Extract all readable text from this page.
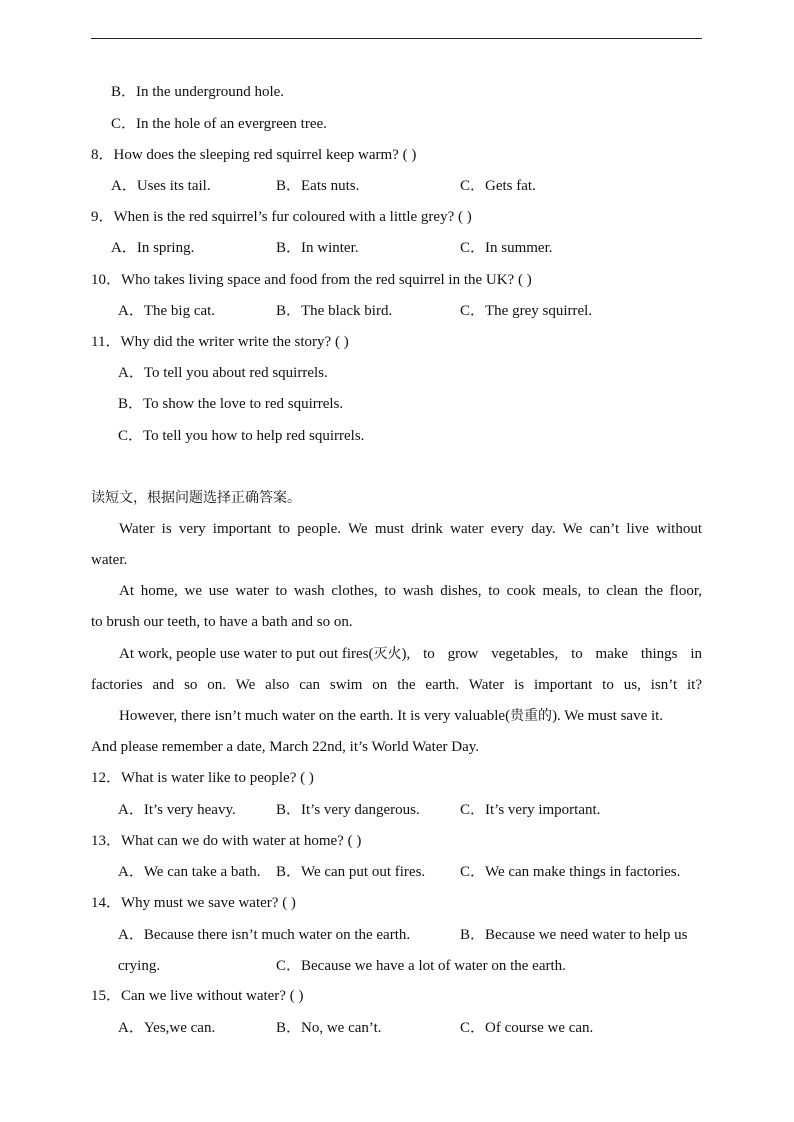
B．In the underground hole.
C．In the hole of an evergreen tree.
8．How does the sleeping red squirrel keep warm? ( )
A．Uses its tail.	B．Eats nuts.	C．Gets fat.
9．When is the red squirrel’s fur coloured with a little grey? ( )
A．In spring.	B．In winter.	C．In summer.
10．Who takes living space and food from the red squirrel in the UK? ( )
A．The big cat.	B．The black bird.	C．The grey squirrel.
11．Why did the writer write the story? ( )
A．To tell you about red squirrels.
B．To show the love to red squirrels.
C．To tell you how to help red squirrels.
读短文，根据问题选择正确答案。
Water is very important to people. We must drink water every day. We can’t live without
water.
At home, we use water to wash clothes, to wash dishes, to cook meals, to clean the floor,
to brush our teeth, to have a bath and so on.
At work, people use water to put out fires( 灭火 ), to grow vegetables, to make things in
factories and so on. We also can swim on the earth. Water is important to us, isn’t it?
However, there isn’t much water on the earth. It is very valuable( 贵重的 ). We must save it.
And please remember a date, March 22nd, it’s World Water Day.
12．What is water like to people? ( )
A．It’s very heavy.	B．It’s very dangerous.	C．It’s very important.
13．What can we do with water at home? ( )
A．We can take a bath. B．We can put out fires. C．We can make things in factories.
14．Why must we save water? ( )
A．Because there isn’t much water on the earth.	B．Because we need water to help us
crying.	C．Because we have a lot of water on the earth.
15．Can we live without water? ( )
A．Yes,we can.	B．No, we can’t.	C．Of course we can.
